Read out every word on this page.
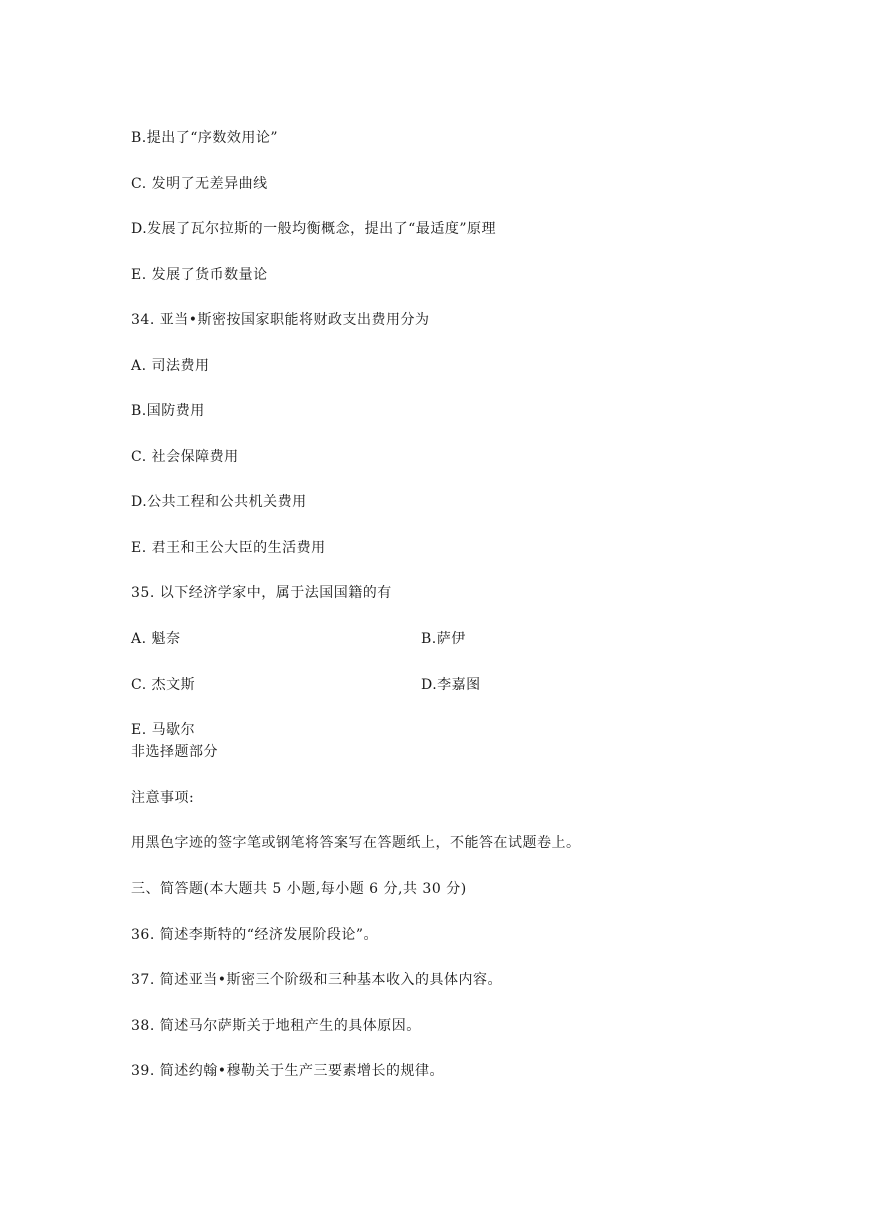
B.提出了“序数效用论”
C. 发明了无差异曲线
D.发展了瓦尔拉斯的一般均衡概念，提出了“最适度”原理
E. 发展了货币数量论
34. 亚当•斯密按国家职能将财政支出费用分为
A. 司法费用
B.国防费用
C. 社会保障费用
D.公共工程和公共机关费用
E. 君王和王公大臣的生活费用
35. 以下经济学家中，属于法国国籍的有
A. 魁奈	B.萨伊
C. 杰文斯	D.李嘉图
E. 马歇尔
非选择题部分
注意事项:
用黑色字迹的签字笔或钢笔将答案写在答题纸上，不能答在试题卷上。
三、简答题(本大题共 5 小题,每小题 6 分,共 30 分)
36. 简述李斯特的“经济发展阶段论”。
37. 简述亚当•斯密三个阶级和三种基本收入的具体内容。
38. 简述马尔萨斯关于地租产生的具体原因。
39. 简述约翰•穆勒关于生产三要素增长的规律。
